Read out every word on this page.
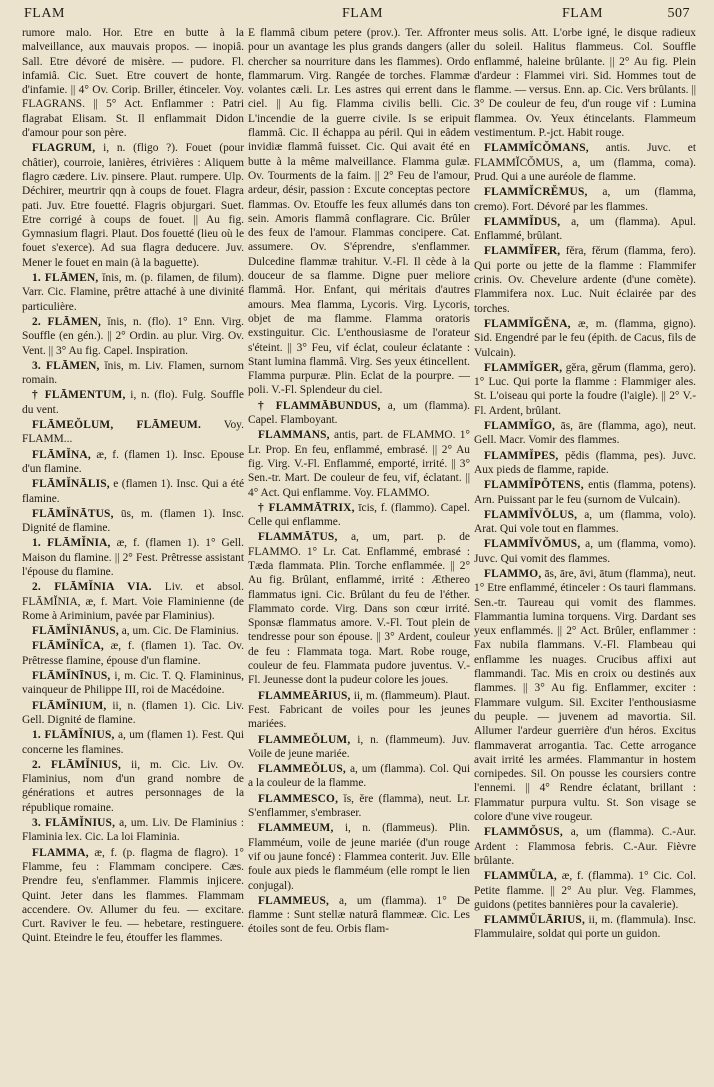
FLAM	FLAM	FLAM	507

rumore malo. Hor. Etre en butte à la malveillance, aux mauvais propos. — inopiâ. Sall. Etre dévoré de misère. — pudore. Fl. infamiâ. Cic. Suet. Etre couvert de honte, d'infamie. || 4° Ov. Corip. Briller, étinceler. Voy. FLAGRANS. || 5° Act. Enflammer : Patri flagrabat Elisam. St. Il enflammait Didon d'amour pour son père.

FLAGRUM, i, n. (fligo ?). Fouet (pour châtier), courroie, lanières, étrivières : Aliquem flagro cædere. Liv. pinsere. Plaut. rumpere. Ulp. Déchirer, meurtrir qqn à coups de fouet. Flagra pati. Juv. Etre fouetté. Flagris objurgari. Suet. Etre corrigé à coups de fouet. || Au fig. Gymnasium flagri. Plaut. Dos fouetté (lieu où le fouet s'exerce). Ad sua flagra deducere. Juv. Mener le fouet en main (à la baguette).

1. FLĀMEN, ĭnis, m. (p. filamen, de filum). Varr. Cic. Flamine, prêtre attaché à une divinité particulière.

2. FLĀMEN, ĭnis, n. (flo). 1° Enn. Virg. Souffle (en gén.). || 2° Ordin. au plur. Virg. Ov. Vent. || 3° Au fig. Capel. Inspiration.

3. FLĀMEN, ĭnis, m. Liv. Flamen, surnom romain.

† FLĀMENTUM, i, n. (flo). Fulg. Souffle du vent.

FLĀMEŎLUM, FLĀMEUM. Voy. FLAMM...

FLĀMĬNA, æ, f. (flamen 1). Insc. Epouse d'un flamine.

FLĀMĬNĀLIS, e (flamen 1). Insc. Qui a été flamine.

FLĀMĬNĀTUS, ūs, m. (flamen 1). Insc. Dignité de flamine.

1. FLĀMĬNIA, æ, f. (flamen 1). 1° Gell. Maison du flamine. || 2° Fest. Prêtresse assistant l'épouse du flamine.

2. FLĀMĬNIA VIA. Liv. et absol. FLĀMĬNIA, æ, f. Mart. Voie Flaminienne (de Rome à Ariminium, pavée par Flaminius).

FLĀMĬNIĀNUS, a, um. Cic. De Flaminius.

FLĀMĬNĬCA, æ, f. (flamen 1). Tac. Ov. Prêtresse flamine, épouse d'un flamine.

FLĀMĬNĪNUS, i, m. Cic. T. Q. Flamininus, vainqueur de Philippe III, roi de Macédoine.

FLĀMĬNIUM, ii, n. (flamen 1). Cic. Liv. Gell. Dignité de flamine.

1. FLĀMĬNIUS, a, um (flamen 1). Fest. Qui concerne les flamines.

2. FLĀMĬNIUS, ii, m. Cic. Liv. Ov. Flaminius, nom d'un grand nombre de générations et autres personnages de la république romaine.

3. FLĀMĬNIUS, a, um. Liv. De Flaminius : Flaminia lex. Cic. La loi Flaminia.

FLAMMA, æ, f. (p. flagma de flagro). 1° Flamme, feu : Flammam concipere. Cæs. Prendre feu, s'enflammer. Flammis injicere. Quint. Jeter dans les flammes. Flammam accendere. Ov. Allumer du feu. — excitare. Curt. Raviver le feu. — hebetare, restinguere. Quint. Eteindre le feu, étouffer les flammes.

E flammâ cibum petere (prov.). Ter. Affronter pour un avantage les plus grands dangers (aller chercher sa nourriture dans les flammes). Ordo flammarum. Virg. Rangée de torches. Flammæ volantes cæli. Lr. Les astres qui errent dans le ciel. || Au fig. Flamma civilis belli. Cic. L'incendie de la guerre civile. Is se eripuit flammâ. Cic. Il échappa au péril. Qui in eâdem invidiæ flammâ fuisset. Cic. Qui avait été en butte à la même malveillance. Flamma gulæ. Ov. Tourments de la faim. || 2° Feu de l'amour, ardeur, désir, passion : Excute conceptas pectore flammas. Ov. Etouffe les feux allumés dans ton sein. Amoris flammâ conflagrare. Cic. Brûler des feux de l'amour. Flammas concipere. Cat. assumere. Ov. S'éprendre, s'enflammer. Dulcedine flammæ trahitur. V.-Fl. Il cède à la douceur de sa flamme. Digne puer meliore flammâ. Hor. Enfant, qui méritais d'autres amours. Mea flamma, Lycoris. Virg. Lycoris, objet de ma flamme. Flamma oratoris exstinguitur. Cic. L'enthousiasme de l'orateur s'éteint. || 3° Feu, vif éclat, couleur éclatante : Stant lumina flammâ. Virg. Ses yeux étincellent. Flamma purpuræ. Plin. Eclat de la pourpre. — poli. V.-Fl. Splendeur du ciel.

† FLAMMĀBUNDUS, a, um (flamma). Capel. Flamboyant.

FLAMMANS, antis, part. de FLAMMO. 1° Lr. Prop. En feu, enflammé, embrasé. || 2° Au fig. Virg. V.-Fl. Enflammé, emporté, irrité. || 3° Sen.-tr. Mart. De couleur de feu, vif, éclatant. || 4° Act. Qui enflamme. Voy. FLAMMO.

† FLAMMĀTRIX, īcis, f. (flammo). Capel. Celle qui enflamme.

FLAMMĀTUS, a, um, part. p. de FLAMMO. 1° Lr. Cat. Enflammé, embrasé : Tæda flammata. Plin. Torche enflammée. || 2° Au fig. Brûlant, enflammé, irrité : Æthereo flammatus igni. Cic. Brûlant du feu de l'éther. Flammato corde. Virg. Dans son cœur irrité. Sponsæ flammatus amore. V.-Fl. Tout plein de tendresse pour son épouse. || 3° Ardent, couleur de feu : Flammata toga. Mart. Robe rouge, couleur de feu. Flammata pudore juventus. V.-Fl. Jeunesse dont la pudeur colore les joues.

FLAMMEĀRIUS, ii, m. (flammeum). Plaut. Fest. Fabricant de voiles pour les jeunes mariées.

FLAMMEŎLUM, i, n. (flammeum). Juv. Voile de jeune mariée.

FLAMMEŎLUS, a, um (flamma). Col. Qui a la couleur de la flamme.

FLAMMESCO, ĭs, ĕre (flamma), neut. Lr. S'enflammer, s'embraser.

FLAMMEUM, i, n. (flammeus). Plin. Flamméum, voile de jeune mariée (d'un rouge vif ou jaune foncé) : Flammea conterit. Juv. Elle foule aux pieds le flamméum (elle rompt le lien conjugal).

FLAMMEUS, a, um (flamma). 1° De flamme : Sunt stellæ naturâ flammeæ. Cic. Les étoiles sont de feu. Orbis flam-

meus solis. Att. L'orbe igné, le disque radieux du soleil. Halitus flammeus. Col. Souffle enflammé, haleine brûlante. || 2° Au fig. Plein d'ardeur : Flammei viri. Sid. Hommes tout de flamme. — versus. Enn. ap. Cic. Vers brûlants. || 3° De couleur de feu, d'un rouge vif : Lumina flammea. Ov. Yeux étincelants. Flammeum vestimentum. P.-jct. Habit rouge.

FLAMMĬCŎMANS, antis. Juvc. et FLAMMĬCŎMUS, a, um (flamma, coma). Prud. Qui a une auréole de flamme.

FLAMMĬCRĔMUS, a, um (flamma, cremo). Fort. Dévoré par les flammes.

FLAMMĬDUS, a, um (flamma). Apul. Enflammé, brûlant.

FLAMMĬFER, fĕra, fĕrum (flamma, fero). Qui porte ou jette de la flamme : Flammifer crinis. Ov. Chevelure ardente (d'une comète). Flammifera nox. Luc. Nuit éclairée par des torches.

FLAMMĬGĔNA, æ, m. (flamma, gigno). Sid. Engendré par le feu (épith. de Cacus, fils de Vulcain).

FLAMMĬGER, gĕra, gĕrum (flamma, gero). 1° Luc. Qui porte la flamme : Flammiger ales. St. L'oiseau qui porte la foudre (l'aigle). || 2° V.-Fl. Ardent, brûlant.

FLAMMĬGO, ās, āre (flamma, ago), neut. Gell. Macr. Vomir des flammes.

FLAMMĬPES, pĕdis (flamma, pes). Juvc. Aux pieds de flamme, rapide.

FLAMMĬPŎTENS, entis (flamma, potens). Arn. Puissant par le feu (surnom de Vulcain).

FLAMMĬVŎLUS, a, um (flamma, volo). Arat. Qui vole tout en flammes.

FLAMMĬVŎMUS, a, um (flamma, vomo). Juvc. Qui vomit des flammes.

FLAMMO, ās, āre, āvi, ātum (flamma), neut. 1° Etre enflammé, étinceler : Os tauri flammans. Sen.-tr. Taureau qui vomit des flammes. Flammantia lumina torquens. Virg. Dardant ses yeux enflammés. || 2° Act. Brûler, enflammer : Fax nubila flammans. V.-Fl. Flambeau qui enflamme les nuages. Crucibus affixi aut flammandi. Tac. Mis en croix ou destinés aux flammes. || 3° Au fig. Enflammer, exciter : Flammare vulgum. Sil. Exciter l'enthousiasme du peuple. — juvenem ad mavortia. Sil. Allumer l'ardeur guerrière d'un héros. Excitus flammaverat arrogantia. Tac. Cette arrogance avait irrité les armées. Flammantur in hostem cornipedes. Sil. On pousse les coursiers contre l'ennemi. || 4° Rendre éclatant, brillant : Flammatur purpura vultu. St. Son visage se colore d'une vive rougeur.

FLAMMŎSUS, a, um (flamma). C.-Aur. Ardent : Flammosa febris. C.-Aur. Fièvre brûlante.

FLAMMŬLA, æ, f. (flamma). 1° Cic. Col. Petite flamme. || 2° Au plur. Veg. Flammes, guidons (petites bannières pour la cavalerie).

FLAMMŬLĀRIUS, ii, m. (flammula). Insc. Flammulaire, soldat qui porte un guidon.
